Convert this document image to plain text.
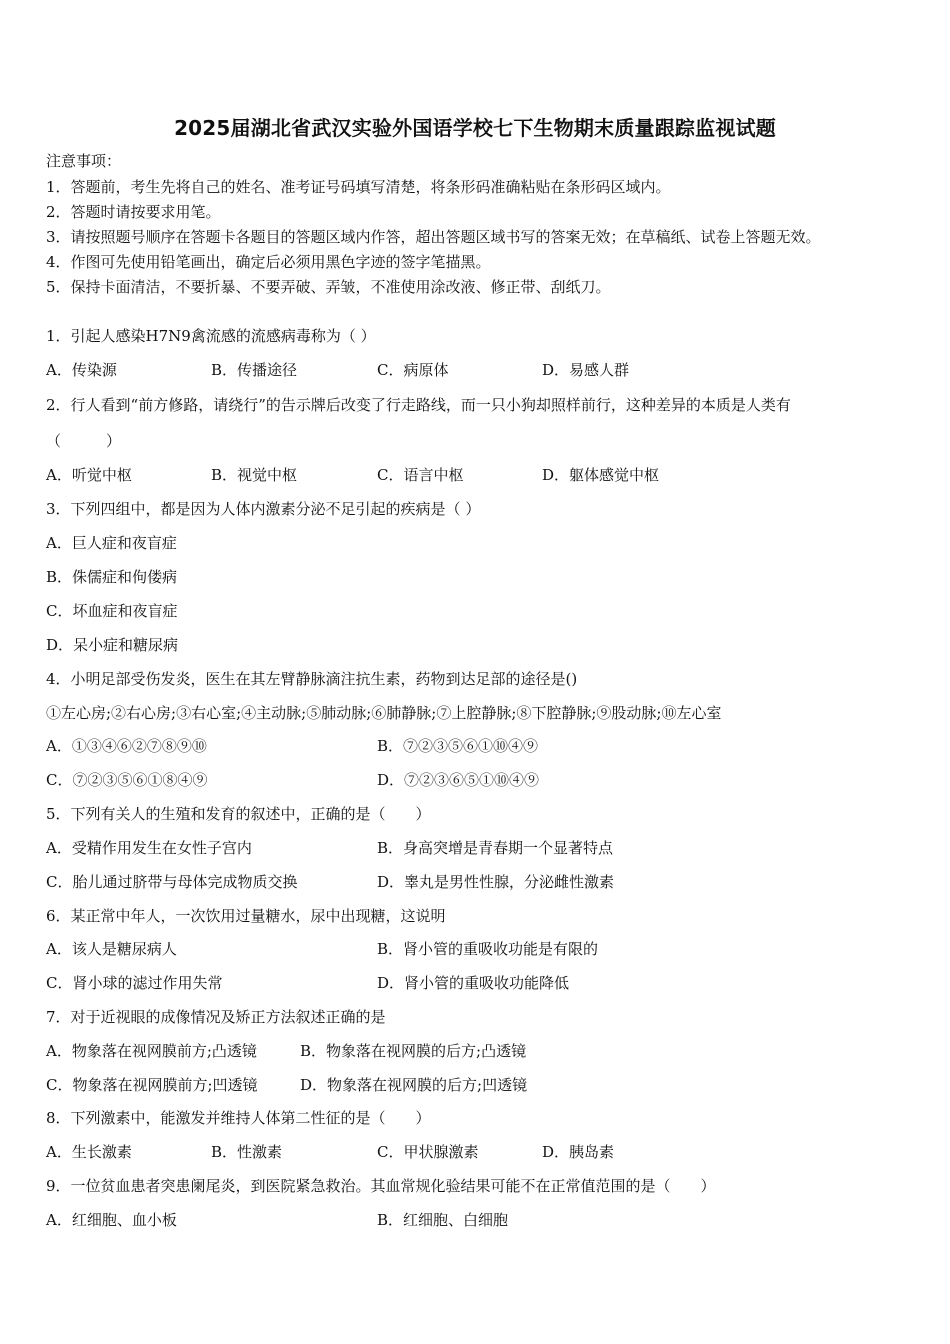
2025届湖北省武汉实验外国语学校七下生物期末质量跟踪监视试题
注意事项：
1．答题前，考生先将自己的姓名、准考证号码填写清楚，将条形码准确粘贴在条形码区域内。
2．答题时请按要求用笔。
3．请按照题号顺序在答题卡各题目的答题区域内作答，超出答题区域书写的答案无效；在草稿纸、试卷上答题无效。
4．作图可先使用铅笔画出，确定后必须用黑色字迹的签字笔描黑。
5．保持卡面清洁，不要折暴、不要弄破、弄皱，不准使用涂改液、修正带、刮纸刀。
1．引起人感染H7N9禽流感的流感病毒称为（ ）
A．传染源	B．传播途径	C．病原体	D．易感人群
2．行人看到“前方修路，请绕行”的告示牌后改变了行走路线，而一只小狗却照样前行，这种差异的本质是人类有
（　　　）
A．听觉中枢	B．视觉中枢	C．语言中枢	D．躯体感觉中枢
3．下列四组中，都是因为人体内激素分泌不足引起的疾病是（ ）
A．巨人症和夜盲症
B．侏儒症和佝偻病
C．坏血症和夜盲症
D．呆小症和糖尿病
4．小明足部受伤发炎，医生在其左臂静脉滴注抗生素，药物到达足部的途径是()
①左心房;②右心房;③右心室;④主动脉;⑤肺动脉;⑥肺静脉;⑦上腔静脉;⑧下腔静脉;⑨股动脉;⑩左心室
A．①③④⑥②⑦⑧⑨⑩	B．⑦②③⑤⑥①⑩④⑨
C．⑦②③⑤⑥①⑧④⑨	D．⑦②③⑥⑤①⑩④⑨
5．下列有关人的生殖和发育的叙述中，正确的是（　　）
A．受精作用发生在女性子宫内	B．身高突增是青春期一个显著特点
C．胎儿通过脐带与母体完成物质交换	D．睾丸是男性性腺，分泌雌性激素
6．某正常中年人，一次饮用过量糖水，尿中出现糖，这说明
A．该人是糖尿病人	B．肾小管的重吸收功能是有限的
C．肾小球的滤过作用失常	D．肾小管的重吸收功能降低
7．对于近视眼的成像情况及矫正方法叙述正确的是
A．物象落在视网膜前方;凸透镜	B．物象落在视网膜的后方;凸透镜
C．物象落在视网膜前方;凹透镜	D．物象落在视网膜的后方;凹透镜
8．下列激素中，能激发并维持人体第二性征的是（　　）
A．生长激素	B．性激素	C．甲状腺激素	D．胰岛素
9．一位贫血患者突患阑尾炎，到医院紧急救治。其血常规化验结果可能不在正常值范围的是（　　）
A．红细胞、血小板	B．红细胞、白细胞
